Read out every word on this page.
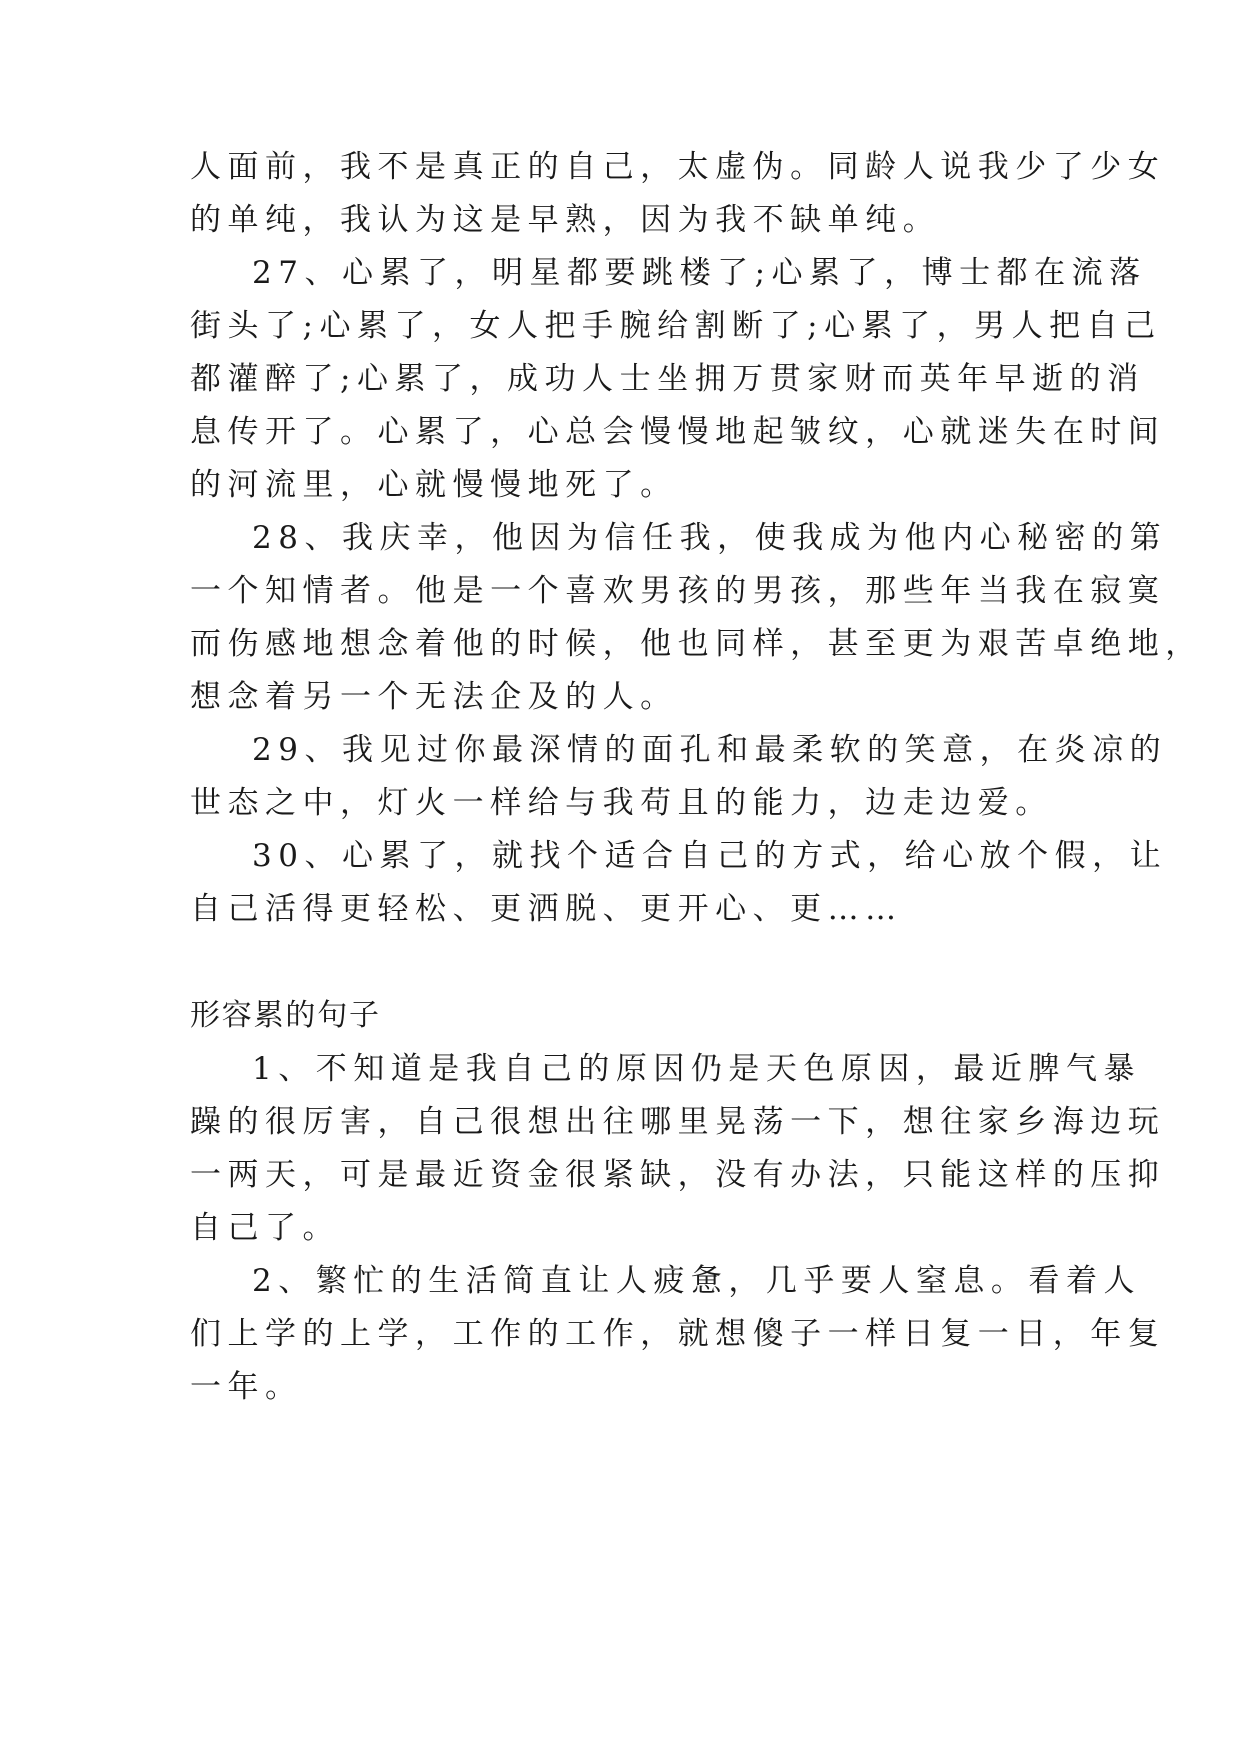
人面前，我不是真正的自己，太虚伪。同龄人说我少了少女
的单纯，我认为这是早熟，因为我不缺单纯。
27、心累了，明星都要跳楼了;心累了，博士都在流落
街头了;心累了，女人把手腕给割断了;心累了，男人把自己
都灌醉了;心累了，成功人士坐拥万贯家财而英年早逝的消
息传开了。心累了，心总会慢慢地起皱纹，心就迷失在时间
的河流里，心就慢慢地死了。
28、我庆幸，他因为信任我，使我成为他内心秘密的第
一个知情者。他是一个喜欢男孩的男孩，那些年当我在寂寞
而伤感地想念着他的时候，他也同样，甚至更为艰苦卓绝地，
想念着另一个无法企及的人。
29、我见过你最深情的面孔和最柔软的笑意，在炎凉的
世态之中，灯火一样给与我苟且的能力，边走边爱。
30、心累了，就找个适合自己的方式，给心放个假，让
自己活得更轻松、更洒脱、更开心、更……
形容累的句子
1、不知道是我自己的原因仍是天色原因，最近脾气暴
躁的很厉害，自己很想出往哪里晃荡一下，想往家乡海边玩
一两天，可是最近资金很紧缺，没有办法，只能这样的压抑
自己了。
2、繁忙的生活简直让人疲惫，几乎要人窒息。看着人
们上学的上学，工作的工作，就想傻子一样日复一日，年复
一年。
